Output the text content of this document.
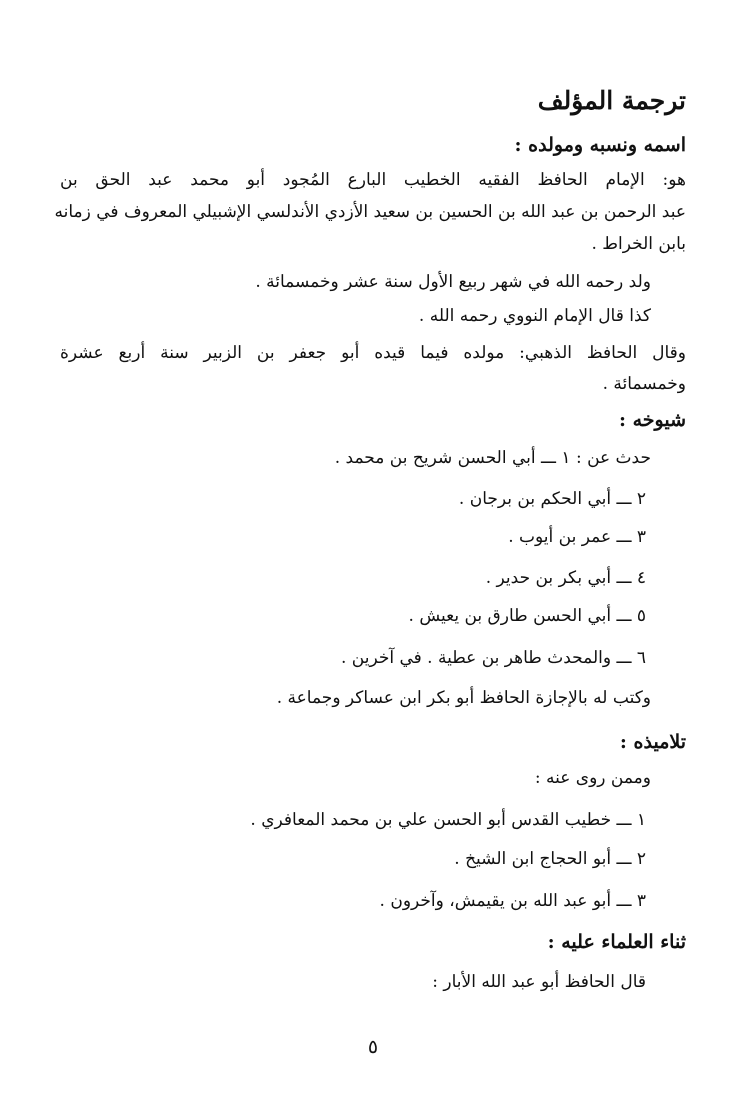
ترجمة المؤلف
اسمه ونسبه ومولده :
هو: الإمام الحافظ الفقيه الخطيب البارع المُجود أبو محمد عبد الحق بن
عبد الرحمن بن عبد الله بن الحسين بن سعيد الأزدي الأندلسي الإشبيلي المعروف في زمانه
بابن الخراط .
ولد رحمه الله في شهر ربيع الأول سنة عشر وخمسمائة .
كذا قال الإمام النووي رحمه الله .
وقال الحافظ الذهبي: مولده فيما قيده أبو جعفر بن الزبير سنة أربع عشرة
وخمسمائة .
شيوخه :
حدث عن : ١ ـــ أبي الحسن شريح بن محمد .
٢ ـــ أبي الحكم بن برجان .
٣ ـــ عمر بن أيوب .
٤ ـــ أبي بكر بن حدير .
٥ ـــ أبي الحسن طارق بن يعيش .
٦ ـــ والمحدث طاهر بن عطية . في آخرين .
وكتب له بالإجازة الحافظ أبو بكر ابن عساكر وجماعة .
تلاميذه :
وممن روى عنه :
١ ـــ خطيب القدس أبو الحسن علي بن محمد المعافري .
٢ ـــ أبو الحجاج ابن الشيخ .
٣ ـــ أبو عبد الله بن يقيمش، وآخرون .
ثناء العلماء عليه :
قال الحافظ أبو عبد الله الأبار :
٥
